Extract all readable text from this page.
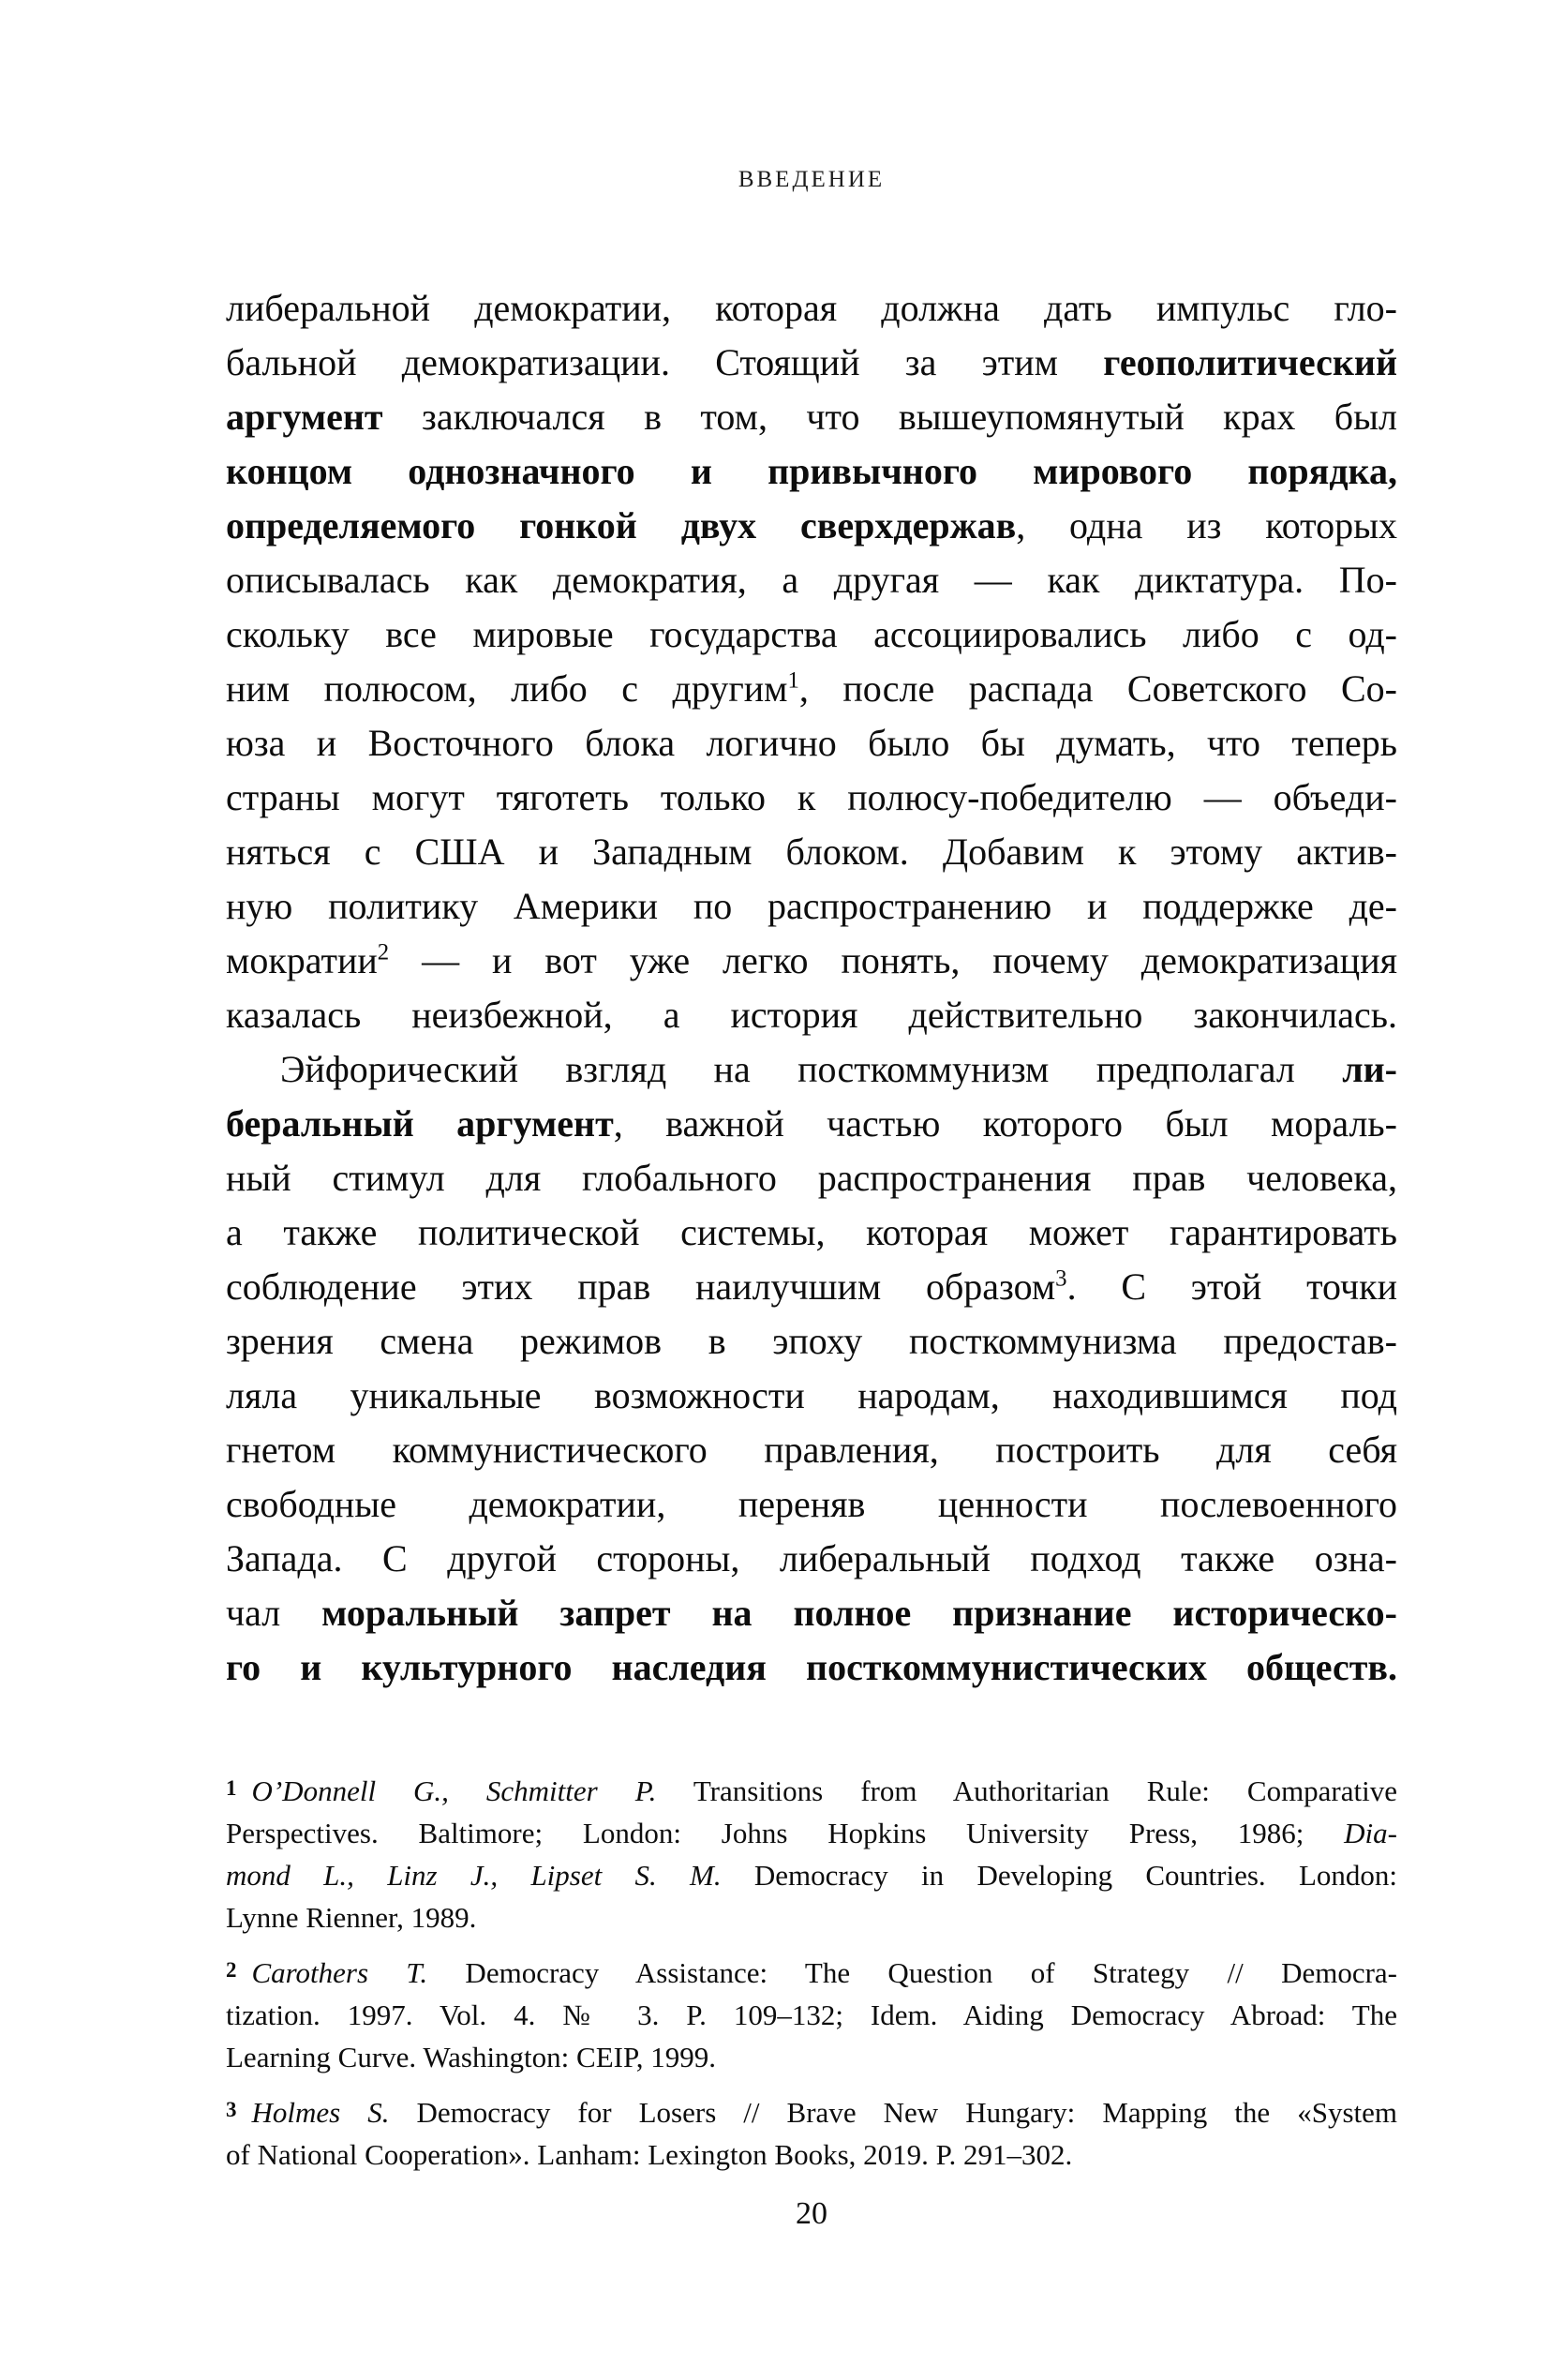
ВВЕДЕНИЕ
либеральной демократии, которая должна дать импульс гло-
бальной демократизации. Стоящий за этим геополитический
аргумент заключался в том, что вышеупомянутый крах был
концом однозначного и привычного мирового порядка,
определяемого гонкой двух сверхдержав, одна из которых
описывалась как демократия, а другая — как диктатура. По-
скольку все мировые государства ассоциировались либо с од-
ним полюсом, либо с другим$^1$, после распада Советского Со-
юза и Восточного блока логично было бы думать, что теперь
страны могут тяготеть только к полюсу-победителю — объеди-
няться с США и Западным блоком. Добавим к этому актив-
ную политику Америки по распространению и поддержке де-
мократии$^2$ — и вот уже легко понять, почему демократизация
казалась неизбежной, а история действительно закончилась.
Эйфорический взгляд на посткоммунизм предполагал ли-
беральный аргумент, важной частью которого был мораль-
ный стимул для глобального распространения прав человека,
а также политической системы, которая может гарантировать
соблюдение этих прав наилучшим образом$^3$. С этой точки
зрения смена режимов в эпоху посткоммунизма предостав-
ляла уникальные возможности народам, находившимся под
гнетом коммунистического правления, построить для себя
свободные демократии, переняв ценности послевоенного
Запада. С другой стороны, либеральный подход также озна-
чал моральный запрет на полное признание историческо-
го и культурного наследия посткоммунистических обществ.
1 O’Donnell G., Schmitter P. Transitions from Authoritarian Rule: Comparative
Perspectives. Baltimore; London: Johns Hopkins University Press, 1986; Dia-
mond L., Linz J., Lipset S. M. Democracy in Developing Countries. London:
Lynne Rienner, 1989.
2 Carothers T. Democracy Assistance: The Question of Strategy // Democra-
tization. 1997. Vol. 4. № 3. P. 109–132; Idem. Aiding Democracy Abroad: The
Learning Curve. Washington: CEIP, 1999.
3 Holmes S. Democracy for Losers // Brave New Hungary: Mapping the «System
of National Cooperation». Lanham: Lexington Books, 2019. P. 291–302.
20
